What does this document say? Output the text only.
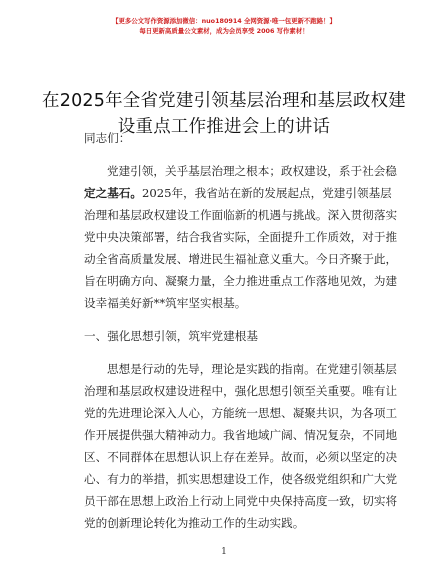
【更多公文写作资源添加微信：nuo180914 全网资源·唯一包更新不跑路！】
每日更新高质量公文素材，成为会员享受 2006 写作素材！
在2025年全省党建引领基层治理和基层政权建
设重点工作推进会上的讲话
同志们：
党建引领，关乎基层治理之根本；政权建设，系于社会稳
定之基石。2025年，我省站在新的发展起点，党建引领基层
治理和基层政权建设工作面临新的机遇与挑战。深入贯彻落实
党中央决策部署，结合我省实际，全面提升工作质效，对于推
动全省高质量发展、增进民生福祉意义重大。今日齐聚于此，
旨在明确方向、凝聚力量，全力推进重点工作落地见效，为建
设幸福美好新**筑牢坚实根基。
一、强化思想引领，筑牢党建根基
思想是行动的先导，理论是实践的指南。在党建引领基层
治理和基层政权建设进程中，强化思想引领至关重要。唯有让
党的先进理论深入人心，方能统一思想、凝聚共识，为各项工
作开展提供强大精神动力。我省地域广阔、情况复杂，不同地
区、不同群体在思想认识上存在差异。故而，必须以坚定的决
心、有力的举措，抓实思想建设工作，使各级党组织和广大党
员干部在思想上政治上行动上同党中央保持高度一致，切实将
党的创新理论转化为推动工作的生动实践。
1
